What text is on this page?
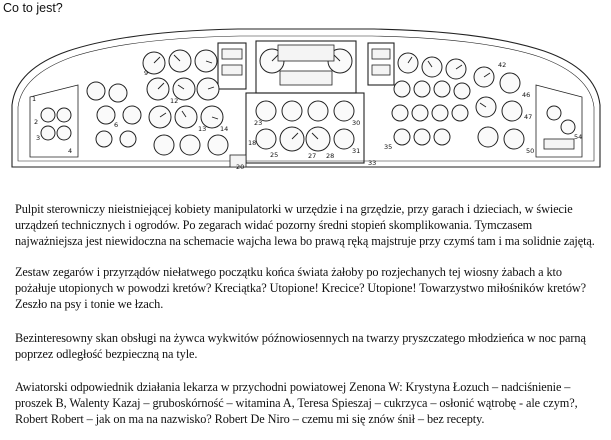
Co to jest?
1
2
3
4
6
9
12
13 14
18
20
23
25	27 28
30
31
33
35
42
46
47
50
54

Pulpit sterowniczy nieistniejącej kobiety manipulatorki w urzędzie i na grzędzie, przy garach i dzieciach, w świecie urządzeń technicznych i ogrodów. Po zegarach widać pozorny średni stopień skomplikowania. Tymczasem najważniejsza jest niewidoczna na schemacie wajcha lewa bo prawą ręką majstruje przy czymś tam i ma solidnie zajętą.

Zestaw zegarów i przyrządów niełatwego początku końca świata żałoby po rozjechanych tej wiosny żabach a kto pożałuje utopionych w powodzi kretów? Kreciątka? Utopione! Krecice? Utopione! Towarzystwo miłośników kretów? Zeszło na psy i tonie we łzach.

Bezinteresowny skan obsługi na żywca wykwitów późnowiosennych na twarzy pryszczatego młodzieńca w noc parną poprzez odległość bezpieczną na tyle.

Awiatorski odpowiednik działania lekarza w przychodni powiatowej Zenona W: Krystyna Łozuch – nadciśnienie – proszek B, Walenty Kazaj – gruboskórność – witamina A, Teresa Spieszaj – cukrzyca – osłonić wątrobę - ale czym?, Robert Robert – jak on ma na nazwisko? Robert De Niro – czemu mi się znów śnił – bez recepty.
